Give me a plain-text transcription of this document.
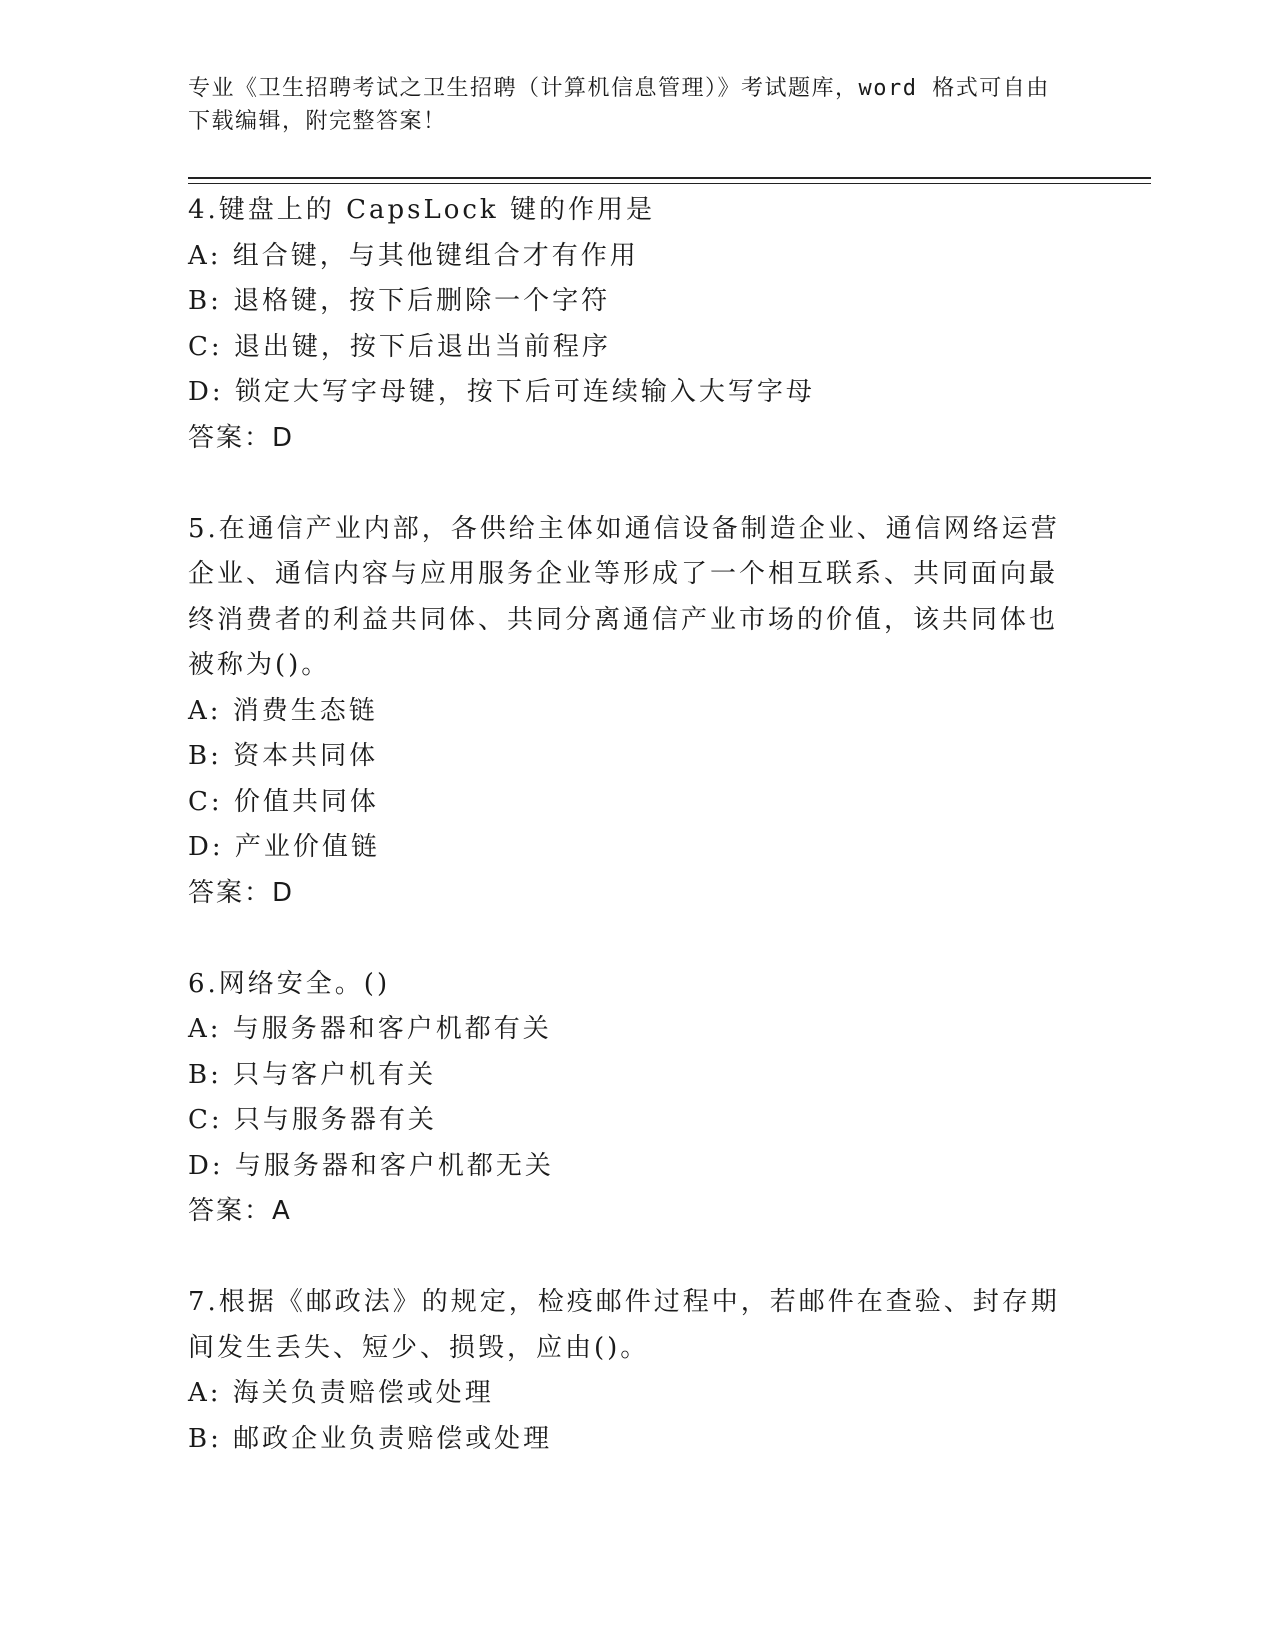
专业《卫生招聘考试之卫生招聘（计算机信息管理）》考试题库，word 格式可自由下载编辑，附完整答案！
4.键盘上的 CapsLock 键的作用是
A: 组合键，与其他键组合才有作用
B: 退格键，按下后删除一个字符
C: 退出键，按下后退出当前程序
D: 锁定大写字母键，按下后可连续输入大写字母
答案：D
5.在通信产业内部，各供给主体如通信设备制造企业、通信网络运营企业、通信内容与应用服务企业等形成了一个相互联系、共同面向最终消费者的利益共同体、共同分离通信产业市场的价值，该共同体也被称为()。
A: 消费生态链
B: 资本共同体
C: 价值共同体
D: 产业价值链
答案：D
6.网络安全。()
A: 与服务器和客户机都有关
B: 只与客户机有关
C: 只与服务器有关
D: 与服务器和客户机都无关
答案：A
7.根据《邮政法》的规定，检疫邮件过程中，若邮件在查验、封存期间发生丢失、短少、损毁，应由()。
A: 海关负责赔偿或处理
B: 邮政企业负责赔偿或处理
